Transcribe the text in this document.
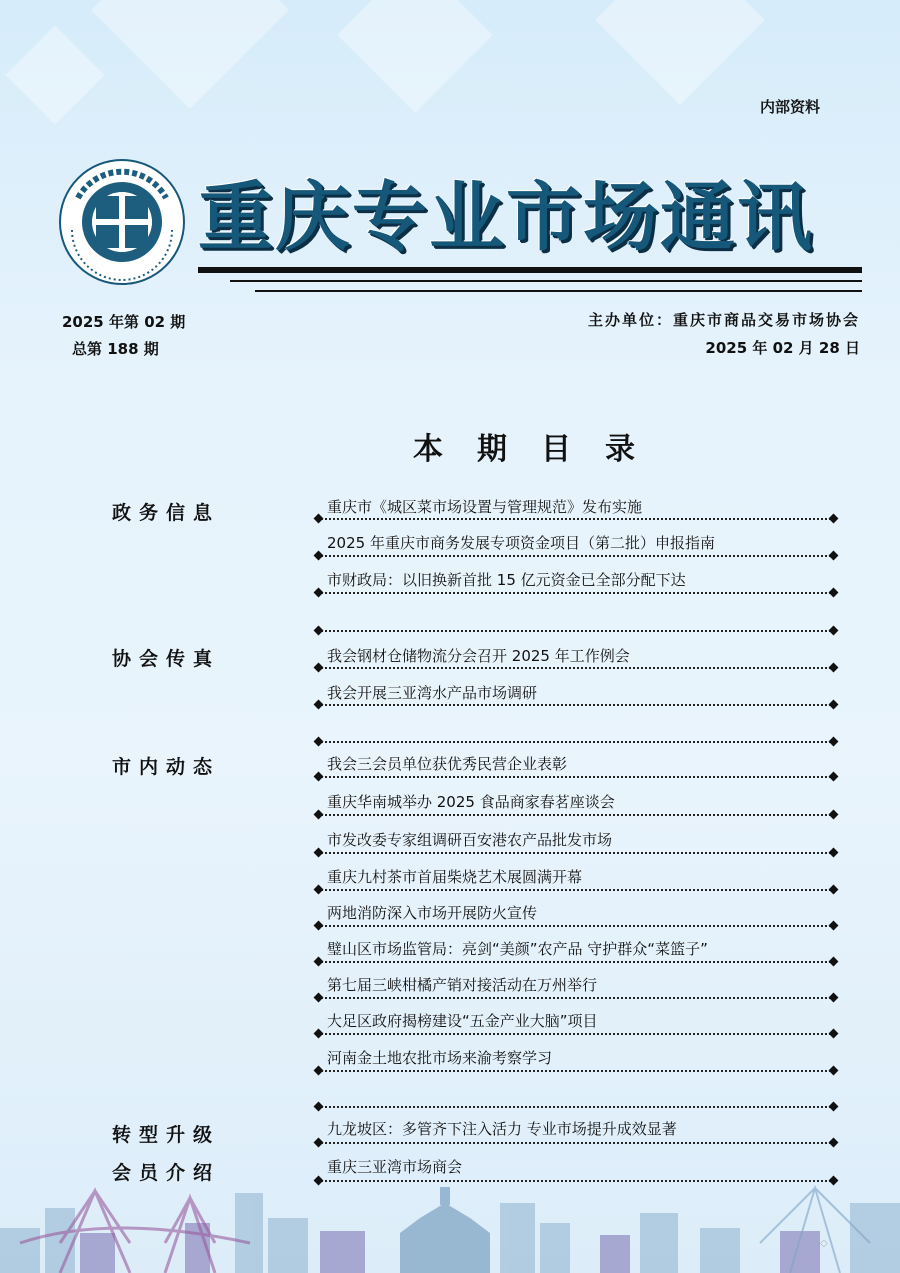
内部资料
重庆专业市场通讯
2025 年第 02 期
总第 188 期
主办单位：重庆市商品交易市场协会
2025 年 02 月 28 日
本期目录
政务信息	重庆市《城区菜市场设置与管理规范》发布实施
2025 年重庆市商务发展专项资金项目（第二批）申报指南
市财政局：以旧换新首批 15 亿元资金已全部分配下达
协会传真	我会钢材仓储物流分会召开 2025 年工作例会
我会开展三亚湾水产品市场调研
市内动态	我会三会员单位获优秀民营企业表彰
重庆华南城举办 2025 食品商家春茗座谈会
市发改委专家组调研百安港农产品批发市场
重庆九村茶市首届柴烧艺术展圆满开幕
两地消防深入市场开展防火宣传
璧山区市场监管局：亮剑“美颜”农产品 守护群众“菜篮子”
第七届三峡柑橘产销对接活动在万州举行
大足区政府揭榜建设“五金产业大脑”项目
河南金土地农批市场来渝考察学习
转型升级	九龙坡区：多管齐下注入活力 专业市场提升成效显著
会员介绍	重庆三亚湾市场商会
◇
